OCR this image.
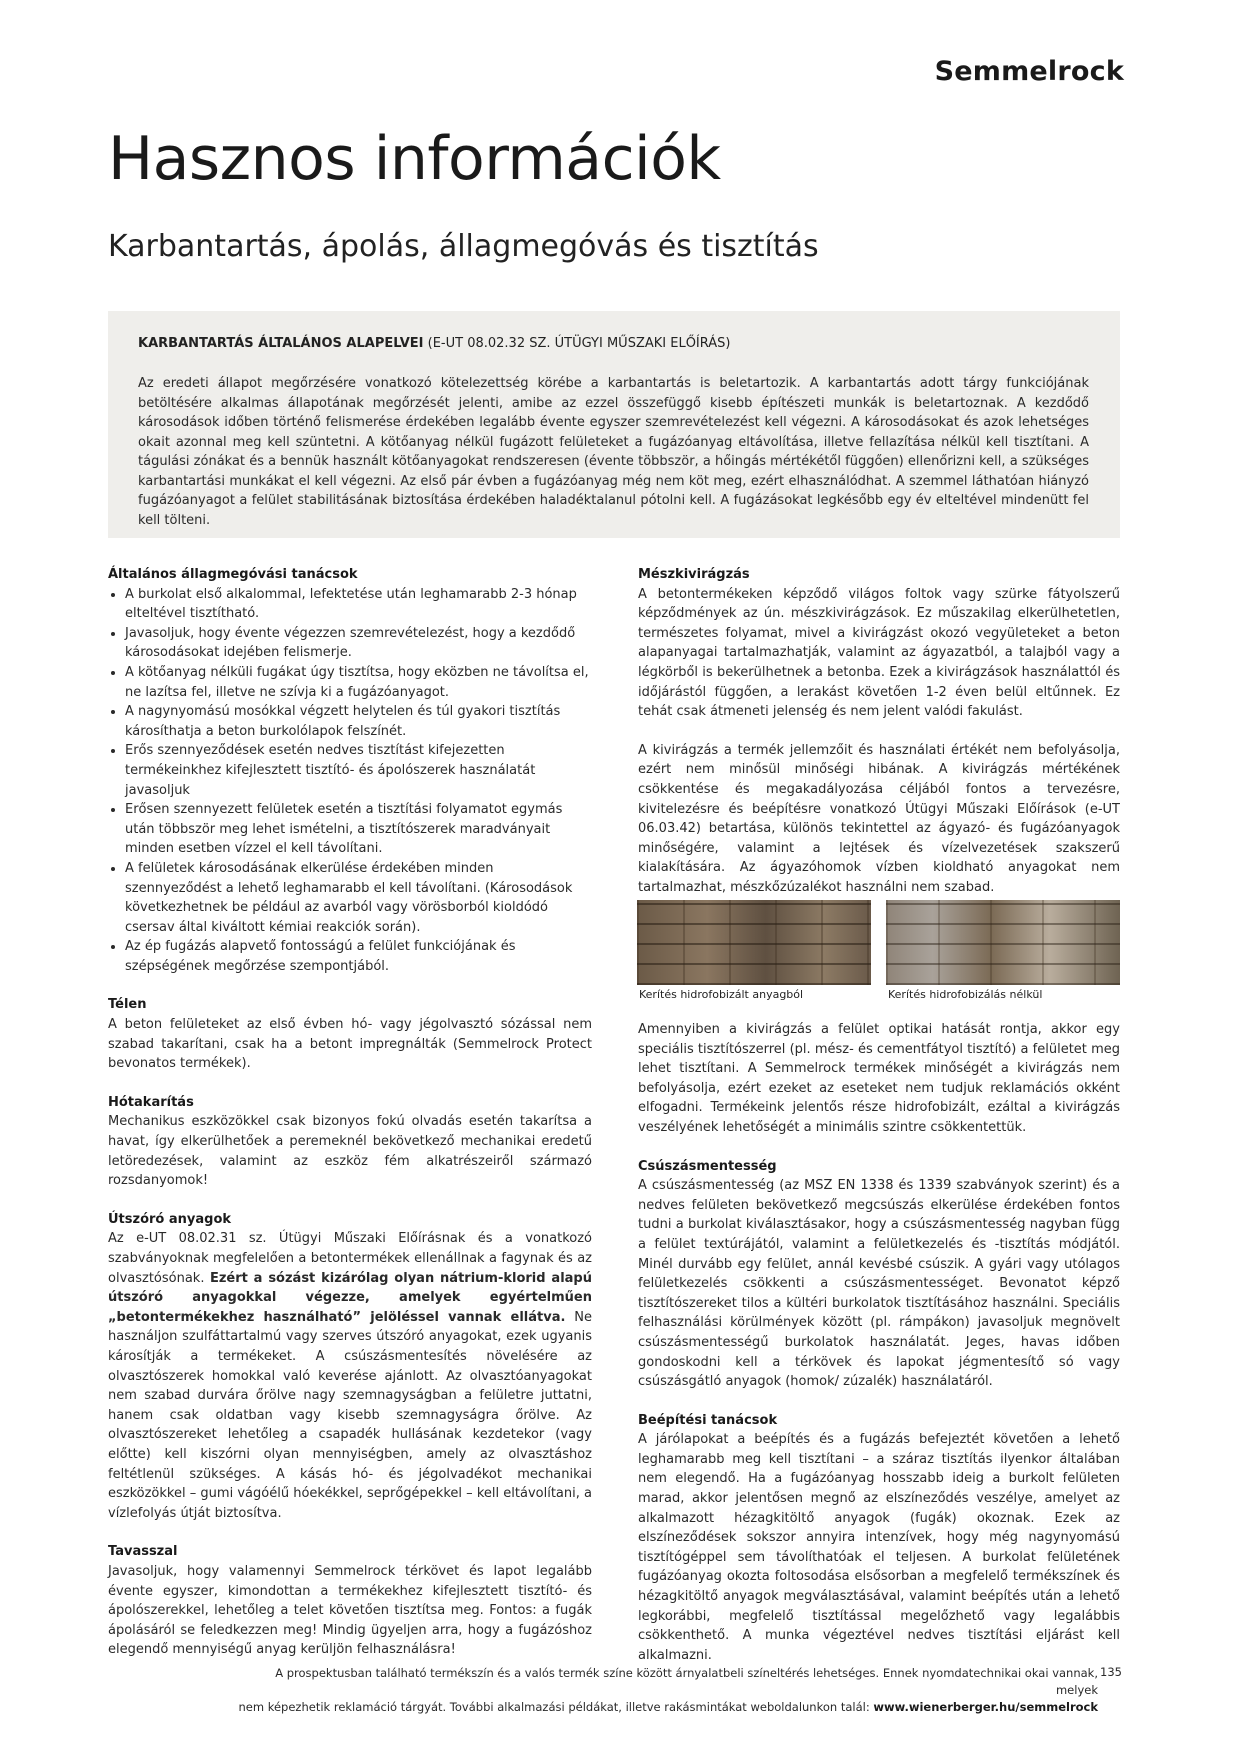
Semmelrock
Hasznos információk
Karbantartás, ápolás, állagmegóvás és tisztítás
KARBANTARTÁS ÁLTALÁNOS ALAPELVEI (E-UT 08.02.32 SZ. ÚTÜGYI MŰSZAKI ELŐÍRÁS)
Az eredeti állapot megőrzésére vonatkozó kötelezettség körébe a karbantartás is beletartozik. A karbantartás adott tárgy funkciójának betöltésére alkalmas állapotának megőrzését jelenti, amibe az ezzel összefüggő kisebb építészeti munkák is beletartoznak. A kezdődő károsodások időben történő felismerése érdekében legalább évente egyszer szemrevételezést kell végezni. A károsodásokat és azok lehetséges okait azonnal meg kell szüntetni. A kötőanyag nélkül fugázott felületeket a fugázóanyag eltávolítása, illetve fellazítása nélkül kell tisztítani. A tágulási zónákat és a bennük használt kötőanyagokat rendszeresen (évente többször, a hőingás mértékétől függően) ellenőrizni kell, a szükséges karbantartási munkákat el kell végezni. Az első pár évben a fugázóanyag még nem köt meg, ezért elhasználódhat. A szemmel láthatóan hiányzó fugázóanyagot a felület stabilitásának biztosítása érdekében haladéktalanul pótolni kell. A fugázásokat legkésőbb egy év elteltével mindenütt fel kell tölteni.
Általános állagmegóvási tanácsok
• A burkolat első alkalommal, lefektetése után leghamarabb 2-3 hónap elteltével tisztítható.
• Javasoljuk, hogy évente végezzen szemrevételezést, hogy a kezdődő károsodásokat idejében felismerje.
• A kötőanyag nélküli fugákat úgy tisztítsa, hogy eközben ne távolítsa el, ne lazítsa fel, illetve ne szívja ki a fugázóanyagot.
• A nagynyomású mosókkal végzett helytelen és túl gyakori tisztítás károsíthatja a beton burkolólapok felszínét.
• Erős szennyeződések esetén nedves tisztítást kifejezetten termékeinkhez kifejlesztett tisztító- és ápolószerek használatát javasoljuk
• Erősen szennyezett felületek esetén a tisztítási folyamatot egymás után többször meg lehet ismételni, a tisztítószerek maradványait minden esetben vízzel el kell távolítani.
• A felületek károsodásának elkerülése érdekében minden szennyeződést a lehető leghamarabb el kell távolítani. (Károsodások következhetnek be például az avarból vagy vörösborból kioldódó csersav által kiváltott kémiai reakciók során).
• Az ép fugázás alapvető fontosságú a felület funkciójának és szépségének megőrzése szempontjából.
Télen
A beton felületeket az első évben hó- vagy jégolvasztó sózással nem szabad takarítani, csak ha a betont impregnálták (Semmelrock Protect bevonatos termékek).
Hótakarítás
Mechanikus eszközökkel csak bizonyos fokú olvadás esetén takarítsa a havat, így elkerülhetőek a peremeknél bekövetkező mechanikai eredetű letöredezések, valamint az eszköz fém alkatrészeiről származó rozsdanyomok!
Útszóró anyagok
Az e-UT 08.02.31 sz. Útügyi Műszaki Előírásnak és a vonatkozó szabványoknak megfelelően a betontermékek ellenállnak a fagynak és az olvasztósónak. Ezért a sózást kizárólag olyan nátrium-klorid alapú útszóró anyagokkal végezze, amelyek egyértelműen „betontermékekhez használható” jelöléssel vannak ellátva. Ne használjon szulfáttartalmú vagy szerves útszóró anyagokat, ezek ugyanis károsítják a termékeket. A csúszásmentesítés növelésére az olvasztószerek homokkal való keverése ajánlott. Az olvasztóanyagokat nem szabad durvára őrölve nagy szemnagyságban a felületre juttatni, hanem csak oldatban vagy kisebb szemnagyságra őrölve. Az olvasztószereket lehetőleg a csapadék hullásának kezdetekor (vagy előtte) kell kiszórni olyan mennyiségben, amely az olvasztáshoz feltétlenül szükséges. A kásás hó- és jégolvadékot mechanikai eszközökkel – gumi vágóélű hóekékkel, seprőgépekkel – kell eltávolítani, a vízlefolyás útját biztosítva.
Tavasszal
Javasoljuk, hogy valamennyi Semmelrock térkövet és lapot legalább évente egyszer, kimondottan a termékekhez kifejlesztett tisztító- és ápolószerekkel, lehetőleg a telet követően tisztítsa meg. Fontos: a fugák ápolásáról se feledkezzen meg! Mindig ügyeljen arra, hogy a fugázóshoz elegendő mennyiségű anyag kerüljön felhasználásra!
Mészkivirágzás
A betontermékeken képződő világos foltok vagy szürke fátyolszerű képződmények az ún. mészkivirágzások. Ez műszakilag elkerülhetetlen, természetes folyamat, mivel a kivirágzást okozó vegyületeket a beton alapanyagai tartalmazhatják, valamint az ágyazatból, a talajból vagy a légkörből is bekerülhetnek a betonba. Ezek a kivirágzások használattól és időjárástól függően, a lerakást követően 1-2 éven belül eltűnnek. Ez tehát csak átmeneti jelenség és nem jelent valódi fakulást.
A kivirágzás a termék jellemzőit és használati értékét nem befolyásolja, ezért nem minősül minőségi hibának. A kivirágzás mértékének csökkentése és megakadályozása céljából fontos a tervezésre, kivitelezésre és beépítésre vonatkozó Útügyi Műszaki Előírások (e-UT 06.03.42) betartása, különös tekintettel az ágyazó- és fugázóanyagok minőségére, valamint a lejtések és vízelvezetések szakszerű kialakítására. Az ágyazóhomok vízben kioldható anyagokat nem tartalmazhat, mészkőzúzalékot használni nem szabad.
Kerítés hidrofobizált anyagból	Kerítés hidrofobizálás nélkül
Amennyiben a kivirágzás a felület optikai hatását rontja, akkor egy speciális tisztítószerrel (pl. mész- és cementfátyol tisztító) a felületet meg lehet tisztítani. A Semmelrock termékek minőségét a kivirágzás nem befolyásolja, ezért ezeket az eseteket nem tudjuk reklamációs okként elfogadni. Termékeink jelentős része hidrofobizált, ezáltal a kivirágzás veszélyének lehetőségét a minimális szintre csökkentettük.
Csúszásmentesség
A csúszásmentesség (az MSZ EN 1338 és 1339 szabványok szerint) és a nedves felületen bekövetkező megcsúszás elkerülése érdekében fontos tudni a burkolat kiválasztásakor, hogy a csúszásmentesség nagyban függ a felület textúrájától, valamint a felületkezelés és -tisztítás módjától. Minél durvább egy felület, annál kevésbé csúszik. A gyári vagy utólagos felületkezelés csökkenti a csúszásmentességet. Bevonatot képző tisztítószereket tilos a kültéri burkolatok tisztításához használni. Speciális felhasználási körülmények között (pl. rámpákon) javasoljuk megnövelt csúszásmentességű burkolatok használatát. Jeges, havas időben gondoskodni kell a térkövek és lapokat jégmentesítő só vagy csúszásgátló anyagok (homok/ zúzalék) használatáról.
Beépítési tanácsok
A járólapokat a beépítés és a fugázás befejeztét követően a lehető leghamarabb meg kell tisztítani – a száraz tisztítás ilyenkor általában nem elegendő. Ha a fugázóanyag hosszabb ideig a burkolt felületen marad, akkor jelentősen megnő az elszíneződés veszélye, amelyet az alkalmazott hézagkitöltő anyagok (fugák) okoznak. Ezek az elszíneződések sokszor annyira intenzívek, hogy még nagynyomású tisztítógéppel sem távolíthatóak el teljesen. A burkolat felületének fugázóanyag okozta foltosodása elsősorban a megfelelő termékszínek és hézagkitöltő anyagok megválasztásával, valamint beépítés után a lehető legkorábbi, megfelelő tisztítással megelőzhető vagy legalábbis csökkenthető. A munka végeztével nedves tisztítási eljárást kell alkalmazni.
A prospektusban található termékszín és a valós termék színe között árnyalatbeli színeltérés lehetséges. Ennek nyomdatechnikai okai vannak, melyek
nem képezhetik reklamáció tárgyát. További alkalmazási példákat, illetve rakásmintákat weboldalunkon talál: www.wienerberger.hu/semmelrock
135
